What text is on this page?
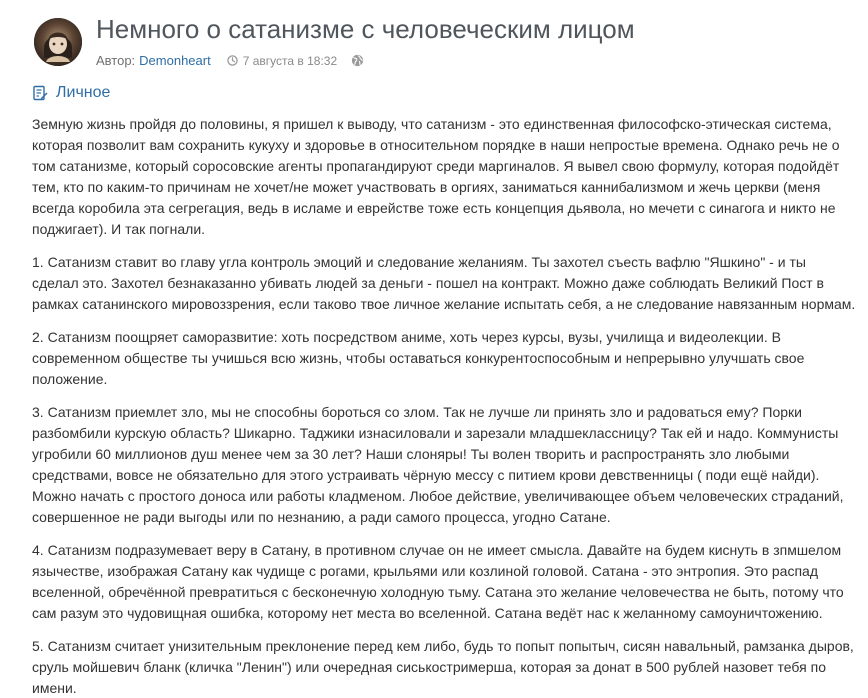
Немного о сатанизме с человеческим лицом
Автор: Demonheart	7 августа в 18:32
Личное

Земную жизнь пройдя до половины, я пришел к выводу, что сатанизм - это единственная философско-этическая система, которая позволит вам сохранить кукуху и здоровье в относительном порядке в наши непростые времена. Однако речь не о том сатанизме, который соросовские агенты пропагандируют среди маргиналов. Я вывел свою формулу, которая подойдёт тем, кто по каким-то причинам не хочет/не может участвовать в оргиях, заниматься каннибализмом и жечь церкви (меня всегда коробила эта сегрегация, ведь в исламе и еврействе тоже есть концепция дьявола, но мечети с синагога и никто не поджигает). И так погнали.

1. Сатанизм ставит во главу угла контроль эмоций и следование желаниям. Ты захотел съесть вафлю "Яшкино" - и ты сделал это. Захотел безнаказанно убивать людей за деньги - пошел на контракт. Можно даже соблюдать Великий Пост в рамках сатанинского мировоззрения, если таково твое личное желание испытать себя, а не следование навязанным нормам.

2. Сатанизм поощряет саморазвитие: хоть посредством аниме, хоть через курсы, вузы, училища и видеолекции. В современном обществе ты учишься всю жизнь, чтобы оставаться конкурентоспособным и непрерывно улучшать свое положение.

3. Сатанизм приемлет зло, мы не способны бороться со злом. Так не лучше ли принять зло и радоваться ему? Порки разбомбили курскую область? Шикарно. Таджики изнасиловали и зарезали младшеклассницу? Так ей и надо. Коммунисты угробили 60 миллионов душ менее чем за 30 лет? Наши слоняры! Ты волен творить и распространять зло любыми средствами, вовсе не обязательно для этого устраивать чёрную мессу с питием крови девственницы ( поди ещё найди). Можно начать с простого доноса или работы кладменом. Любое действие, увеличивающее объем человеческих страданий, совершенное не ради выгоды или по незнанию, а ради самого процесса, угодно Сатане.

4. Сатанизм подразумевает веру в Сатану, в противном случае он не имеет смысла. Давайте на будем киснуть в зпмшелом язычестве, изображая Сатану как чудище с рогами, крыльями или козлиной головой. Сатана - это энтропия. Это распад вселенной, обречённой превратиться с бесконечную холодную тьму. Сатана это желание человечества не быть, потому что сам разум это чудовищная ошибка, которому нет места во вселенной. Сатана ведёт нас к желанному самоуничтожению.

5. Сатанизм считает унизительным преклонение перед кем либо, будь то попыт попытыч, сисян навальный, рамзанка дыров, сруль мойшевич бланк (кличка "Ленин") или очередная сиськостримерша, которая за донат в 500 рублей назовет тебя по имени.
